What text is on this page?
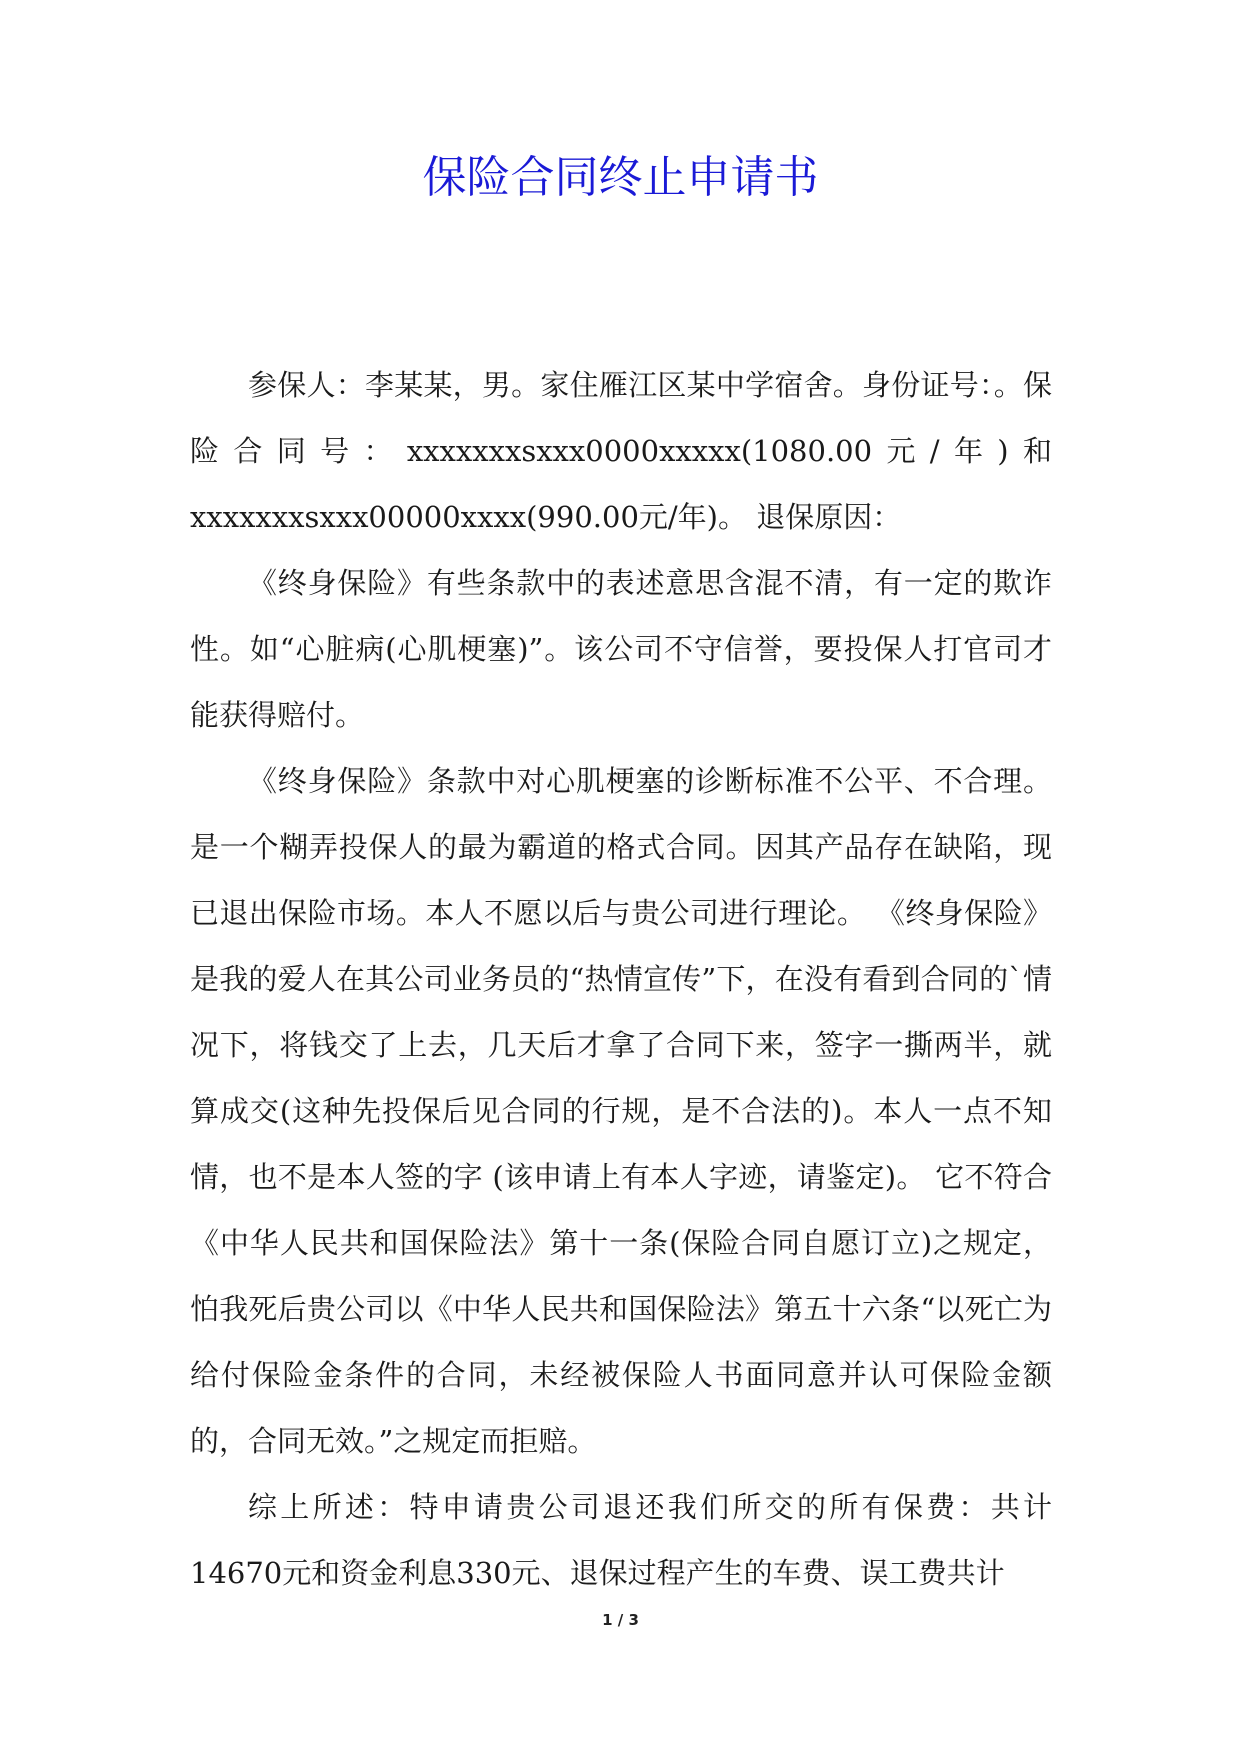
保险合同终止申请书

参保人：李某某，男。家住雁江区某中学宿舍。身份证号：。保险合同号：xxxxxxxsxxx0000xxxxx(1080.00元/年)和xxxxxxxsxxx00000xxxx(990.00元/年)。 退保原因：

《终身保险》有些条款中的表述意思含混不清，有一定的欺诈性。如“心脏病(心肌梗塞)”。该公司不守信誉，要投保人打官司才能获得赔付。

《终身保险》条款中对心肌梗塞的诊断标准不公平、不合理。是一个糊弄投保人的最为霸道的格式合同。因其产品存在缺陷，现已退出保险市场。本人不愿以后与贵公司进行理论。 《终身保险》是我的爱人在其公司业务员的“热情宣传”下，在没有看到合同的`情况下，将钱交了上去，几天后才拿了合同下来，签字一撕两半，就算成交(这种先投保后见合同的行规，是不合法的)。本人一点不知情，也不是本人签的字 (该申请上有本人字迹，请鉴定)。 它不符合《中华人民共和国保险法》第十一条(保险合同自愿订立)之规定，怕我死后贵公司以《中华人民共和国保险法》第五十六条“以死亡为给付保险金条件的合同，未经被保险人书面同意并认可保险金额的，合同无效。”之规定而拒赔。

综上所述：特申请贵公司退还我们所交的所有保费：共计14670元和资金利息330元、退保过程产生的车费、误工费共计

1 / 3
